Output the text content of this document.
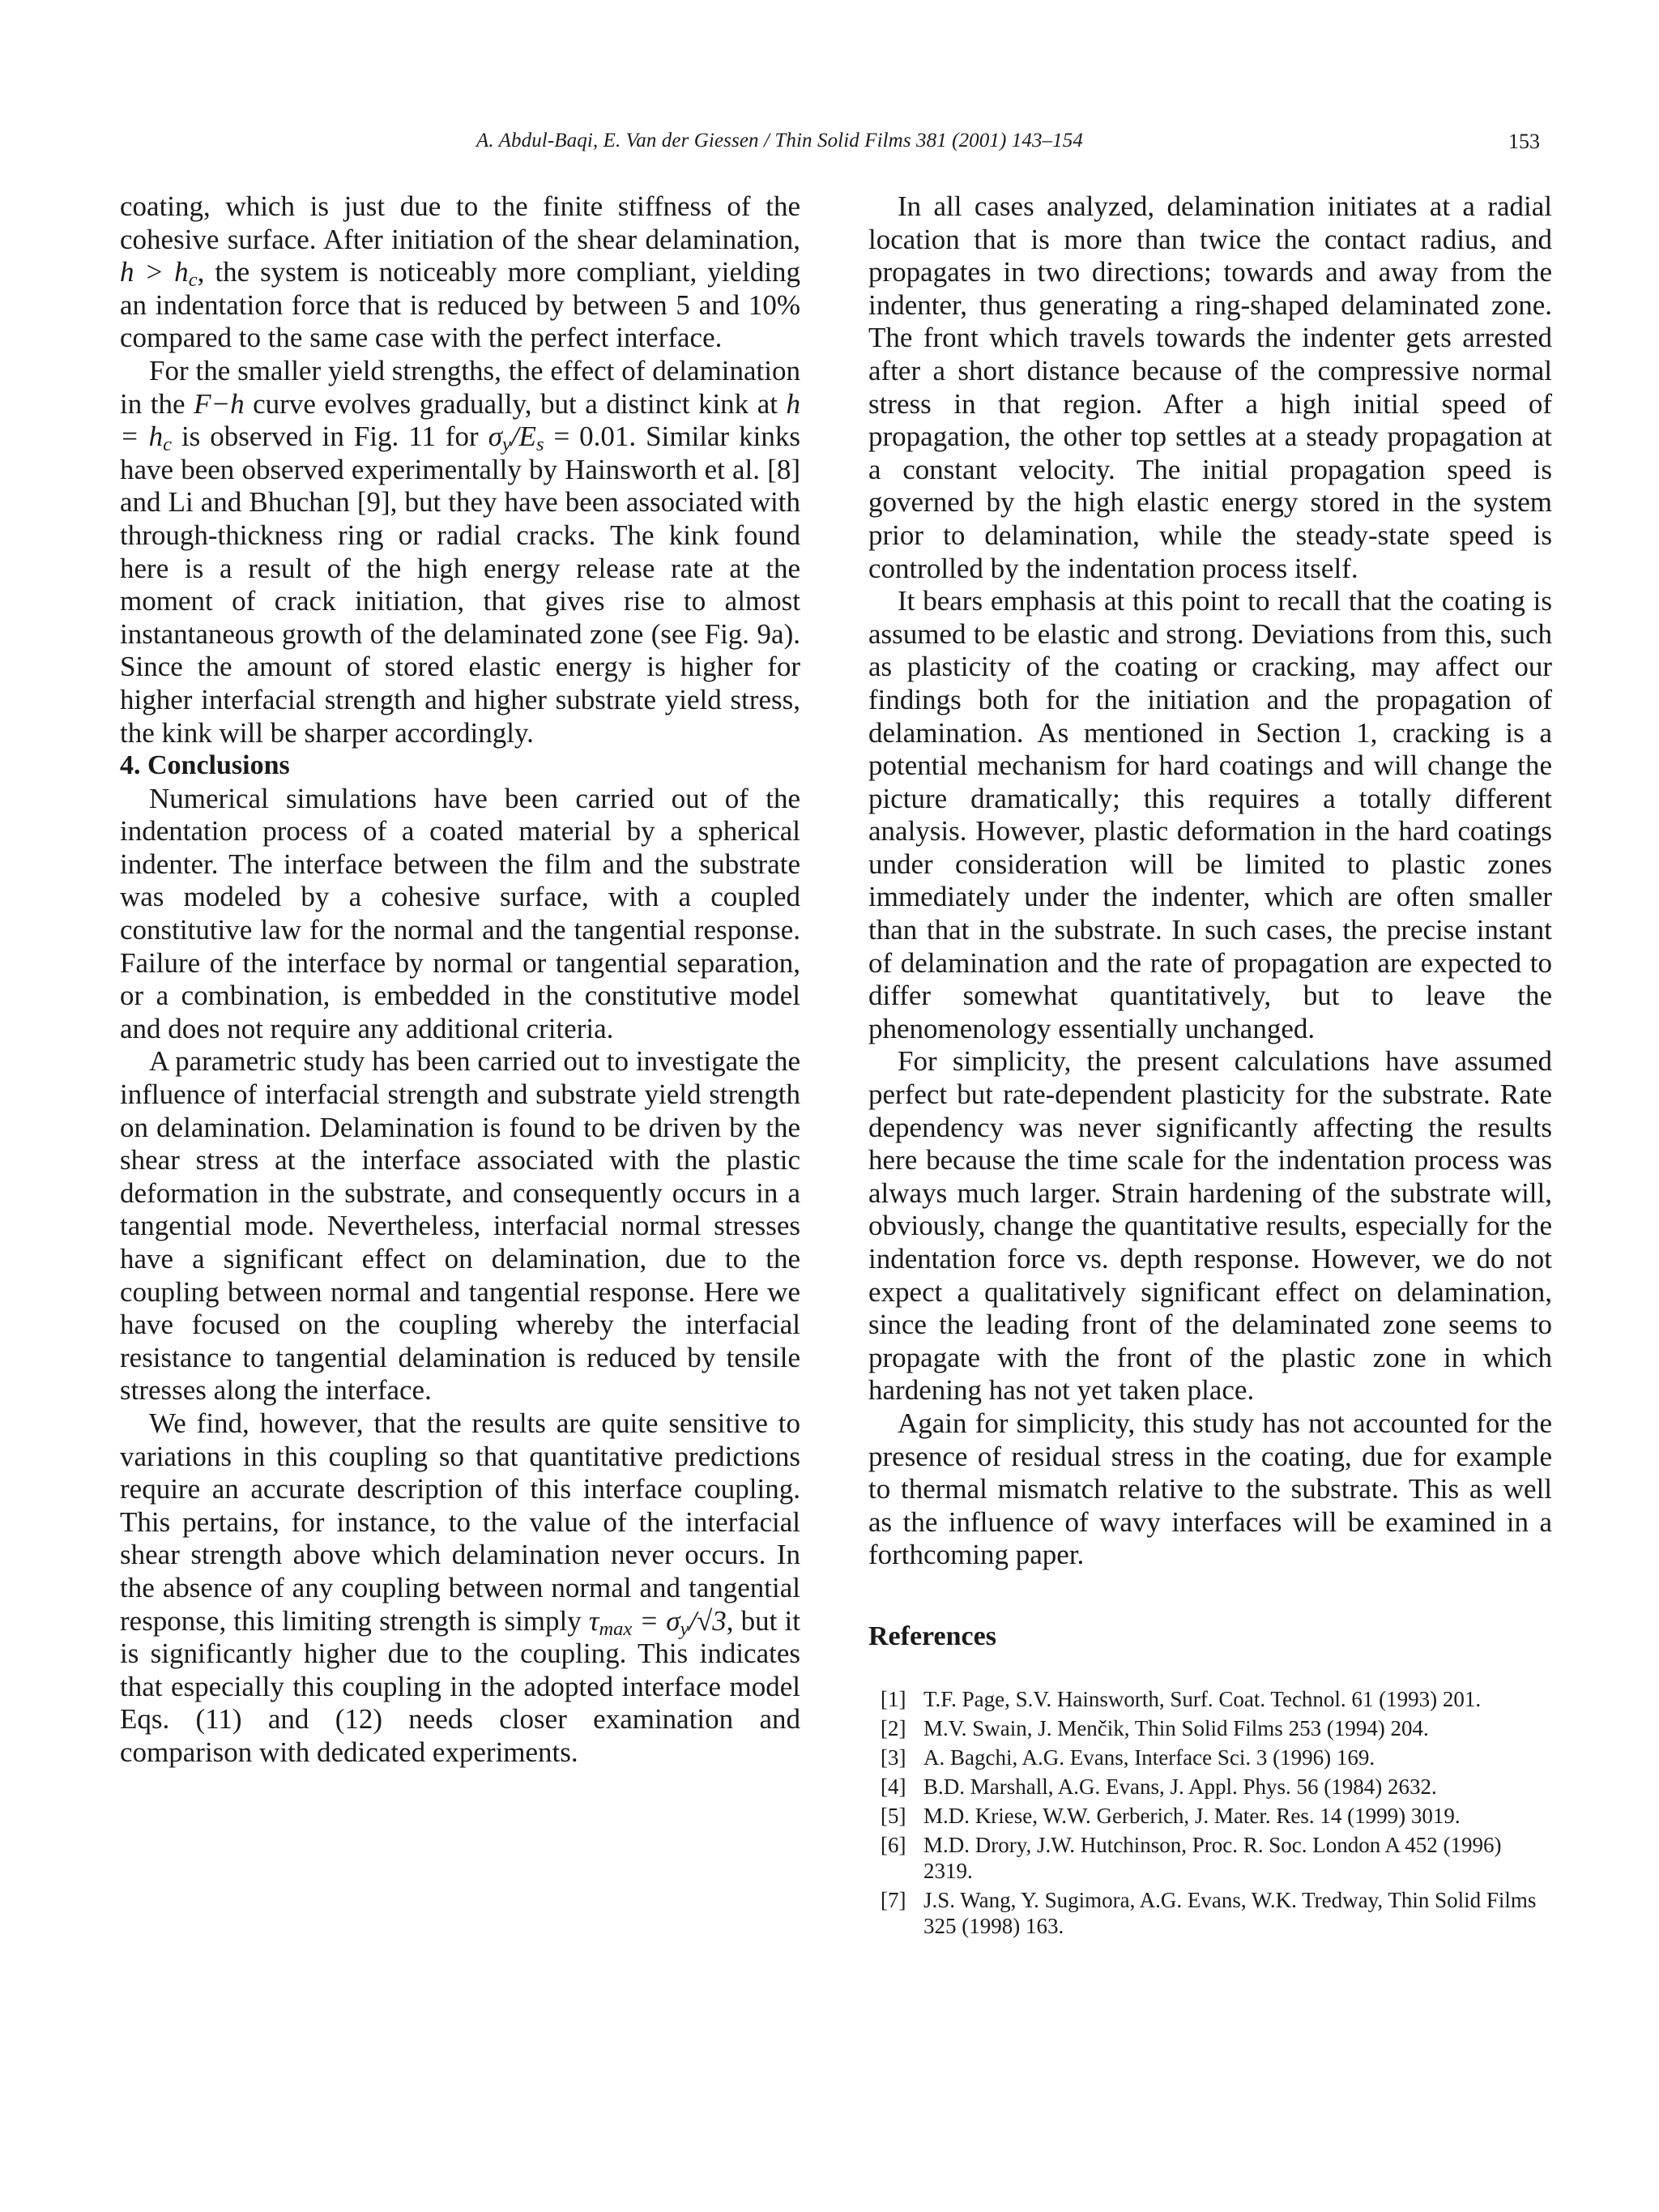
A. Abdul-Baqi, E. Van der Giessen / Thin Solid Films 381 (2001) 143–154	153

coating, which is just due to the finite stiffness of the cohesive surface. After initiation of the shear delamination, $h > h_c$, the system is noticeably more compliant, yielding an indentation force that is reduced by between 5 and 10% compared to the same case with the perfect interface.

For the smaller yield strengths, the effect of delamination in the F−h curve evolves gradually, but a distinct kink at $h = h_c$ is observed in Fig. 11 for $\sigma_y/E_s = 0.01$. Similar kinks have been observed experimentally by Hainsworth et al. [8] and Li and Bhuchan [9], but they have been associated with through-thickness ring or radial cracks. The kink found here is a result of the high energy release rate at the moment of crack initiation, that gives rise to almost instantaneous growth of the delaminated zone (see Fig. 9a). Since the amount of stored elastic energy is higher for higher interfacial strength and higher substrate yield stress, the kink will be sharper accordingly.

4. Conclusions

Numerical simulations have been carried out of the indentation process of a coated material by a spherical indenter. The interface between the film and the substrate was modeled by a cohesive surface, with a coupled constitutive law for the normal and the tangential response. Failure of the interface by normal or tangential separation, or a combination, is embedded in the constitutive model and does not require any additional criteria.

A parametric study has been carried out to investigate the influence of interfacial strength and substrate yield strength on delamination. Delamination is found to be driven by the shear stress at the interface associated with the plastic deformation in the substrate, and consequently occurs in a tangential mode. Nevertheless, interfacial normal stresses have a significant effect on delamination, due to the coupling between normal and tangential response. Here we have focused on the coupling whereby the interfacial resistance to tangential delamination is reduced by tensile stresses along the interface.

We find, however, that the results are quite sensitive to variations in this coupling so that quantitative predictions require an accurate description of this interface coupling. This pertains, for instance, to the value of the interfacial shear strength above which delamination never occurs. In the absence of any coupling between normal and tangential response, this limiting strength is simply $\tau_{max} = \sigma_y/√3$, but it is significantly higher due to the coupling. This indicates that especially this coupling in the adopted interface model Eqs. (11) and (12) needs closer examination and comparison with dedicated experiments.

In all cases analyzed, delamination initiates at a radial location that is more than twice the contact radius, and propagates in two directions; towards and away from the indenter, thus generating a ring-shaped delaminated zone. The front which travels towards the indenter gets arrested after a short distance because of the compressive normal stress in that region. After a high initial speed of propagation, the other top settles at a steady propagation at a constant velocity. The initial propagation speed is governed by the high elastic energy stored in the system prior to delamination, while the steady-state speed is controlled by the indentation process itself.

It bears emphasis at this point to recall that the coating is assumed to be elastic and strong. Deviations from this, such as plasticity of the coating or cracking, may affect our findings both for the initiation and the propagation of delamination. As mentioned in Section 1, cracking is a potential mechanism for hard coatings and will change the picture dramatically; this requires a totally different analysis. However, plastic deformation in the hard coatings under consideration will be limited to plastic zones immediately under the indenter, which are often smaller than that in the substrate. In such cases, the precise instant of delamination and the rate of propagation are expected to differ somewhat quantitatively, but to leave the phenomenology essentially unchanged.

For simplicity, the present calculations have assumed perfect but rate-dependent plasticity for the substrate. Rate dependency was never significantly affecting the results here because the time scale for the indentation process was always much larger. Strain hardening of the substrate will, obviously, change the quantitative results, especially for the indentation force vs. depth response. However, we do not expect a qualitatively significant effect on delamination, since the leading front of the delaminated zone seems to propagate with the front of the plastic zone in which hardening has not yet taken place.

Again for simplicity, this study has not accounted for the presence of residual stress in the coating, due for example to thermal mismatch relative to the substrate. This as well as the influence of wavy interfaces will be examined in a forthcoming paper.

References
[1] T.F. Page, S.V. Hainsworth, Surf. Coat. Technol. 61 (1993) 201.
[2] M.V. Swain, J. Menčik, Thin Solid Films 253 (1994) 204.
[3] A. Bagchi, A.G. Evans, Interface Sci. 3 (1996) 169.
[4] B.D. Marshall, A.G. Evans, J. Appl. Phys. 56 (1984) 2632.
[5] M.D. Kriese, W.W. Gerberich, J. Mater. Res. 14 (1999) 3019.
[6] M.D. Drory, J.W. Hutchinson, Proc. R. Soc. London A 452 (1996) 2319.
[7] J.S. Wang, Y. Sugimora, A.G. Evans, W.K. Tredway, Thin Solid Films 325 (1998) 163.
